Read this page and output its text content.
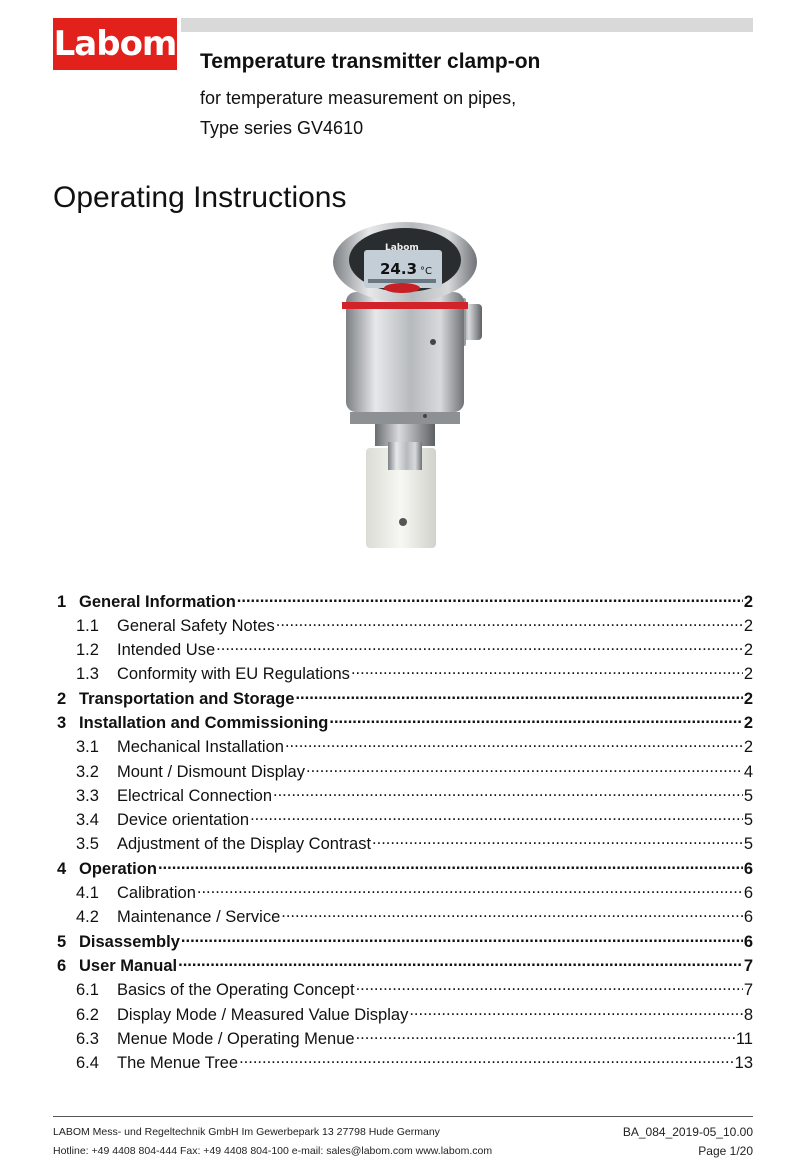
Labom Temperature transmitter clamp-on
for temperature measurement on pipes,
Type series GV4610
Operating Instructions
Labom
24.3 °C
1 General Information .....	2
1.1	General Safety Notes .....	2
1.2	Intended Use .....	2
1.3	Conformity with EU Regulations .....	2
2 Transportation and Storage .....	2
3 Installation and Commissioning .....	2
3.1	Mechanical Installation .....	2
3.2	Mount / Dismount Display .....	4
3.3	Electrical Connection .....	5
3.4	Device orientation .....	5
3.5	Adjustment of the Display Contrast .....	5
4 Operation .....	6
4.1	Calibration .....	6
4.2	Maintenance / Service .....	6
5 Disassembly .....	6
6 User Manual .....	7
6.1	Basics of the Operating Concept .....	7
6.2	Display Mode / Measured Value Display .....	8
6.3	Menue Mode / Operating Menue .....	11
6.4	The Menue Tree .....	13
LABOM Mess- und Regeltechnik GmbH Im Gewerbepark 13 27798 Hude Germany
Hotline: +49 4408 804-444 Fax: +49 4408 804-100 e-mail: sales@labom.com www.labom.com
BA_084_2019-05_10.00
Page 1/20
